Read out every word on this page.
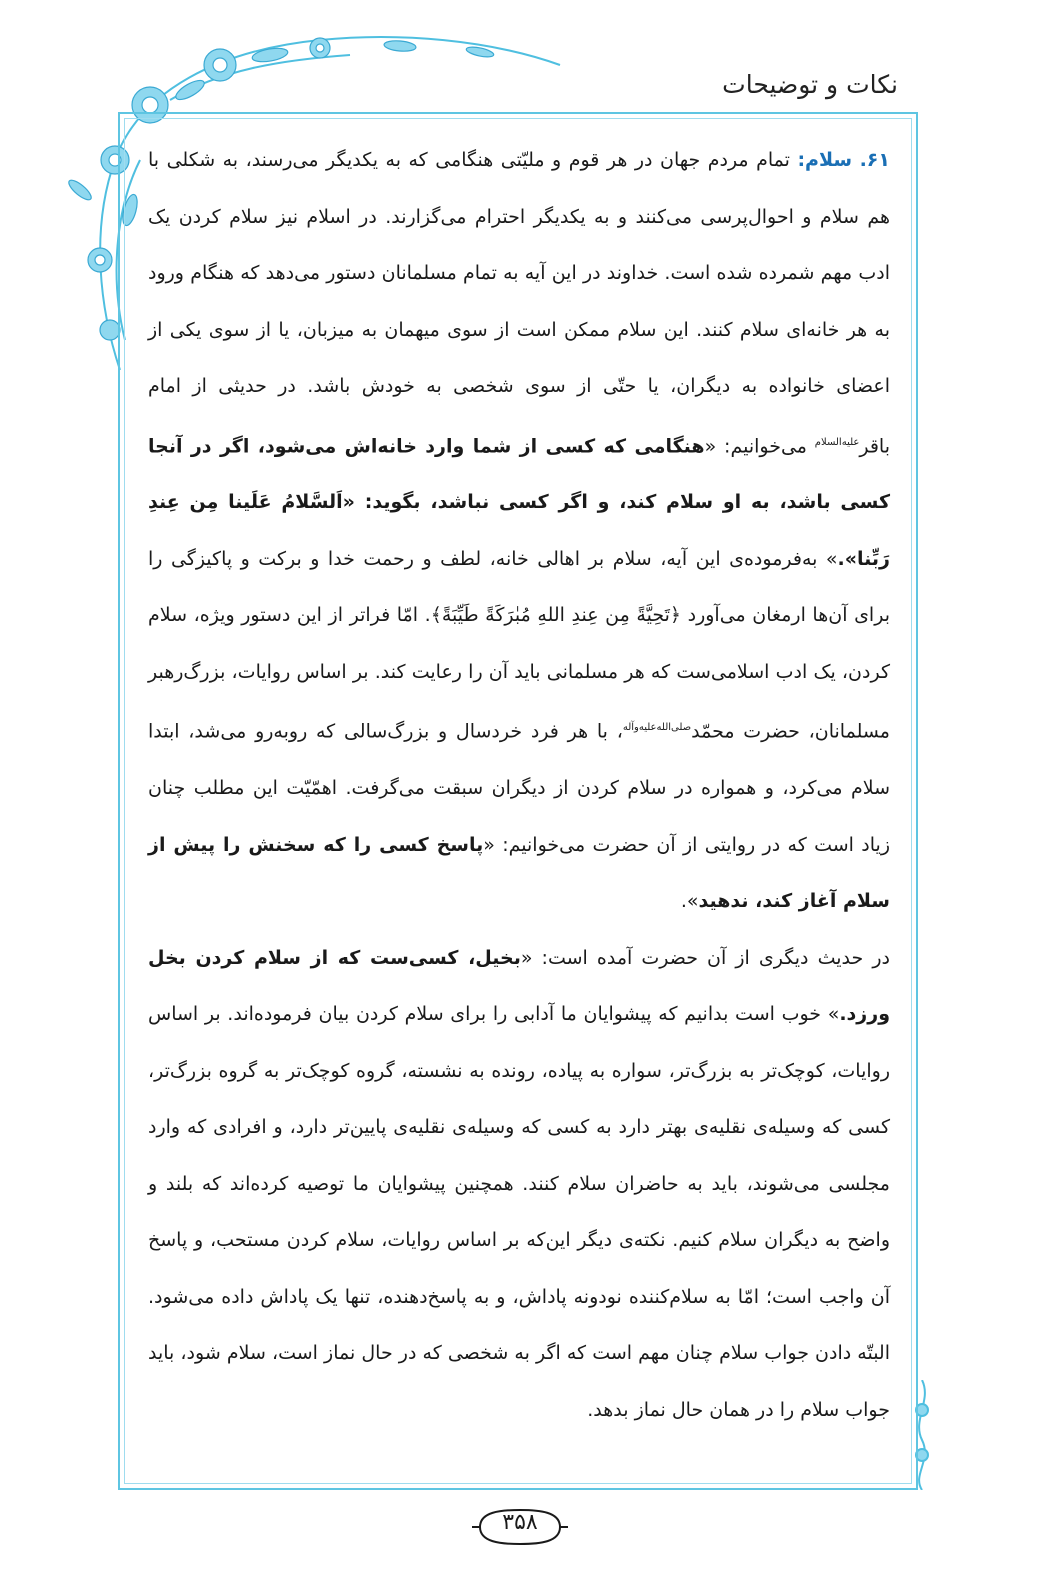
نکات و توضیحات

۶۱. سلام: تمام مردم جهان در هر قوم و ملیّتی هنگامی که به یکدیگر می‌رسند، به شکلی با هم سلام و احوال‌پرسی می‌کنند و به یکدیگر احترام می‌گزارند. در اسلام نیز سلام کردن یک ادب مهم شمرده شده است. خداوند در این آیه به تمام مسلمانان دستور می‌دهد که هنگام ورود به هر خانه‌ای سلام کنند. این سلام ممکن است از سوی میهمان به میزبان، یا از سوی یکی از اعضای خانواده به دیگران، یا حتّی از سوی شخصی به خودش باشد. در حدیثی از امام باقر$^{علیه‌السلام}$ می‌خوانیم: «هنگامی که کسی از شما وارد خانه‌اش می‌شود، اگر در آنجا کسی باشد، به او سلام کند، و اگر کسی نباشد، بگوید: «اَلسَّلامُ عَلَینا مِن عِندِ رَبِّنا».» به‌فرموده‌ی این آیه، سلام بر اهالی خانه، لطف و رحمت خدا و برکت و پاکیزگی را برای آن‌ها ارمغان می‌آورد ﴿تَحِیَّةً مِن عِندِ اللهِ مُبٰرَکَةً طَیِّبَةً﴾. امّا فراتر از این دستور ویژه، سلام کردن، یک ادب اسلامی‌ست که هر مسلمانی باید آن را رعایت کند. بر اساس روایات، بزرگ‌رهبر مسلمانان، حضرت محمّد$^{صلی‌الله‌علیه‌وآله}$، با هر فرد خردسال و بزرگ‌سالی که روبه‌رو می‌شد، ابتدا سلام می‌کرد، و همواره در سلام کردن از دیگران سبقت می‌گرفت. اهمّیّت این مطلب چنان زیاد است که در روایتی از آن حضرت می‌خوانیم: «پاسخ کسی را که سخنش را پیش از سلام آغاز کند، ندهید».

در حدیث دیگری از آن حضرت آمده است: «بخیل، کسی‌ست که از سلام کردن بخل ورزد.» خوب است بدانیم که پیشوایان ما آدابی را برای سلام کردن بیان فرموده‌اند. بر اساس روایات، کوچک‌تر به بزرگ‌تر، سواره به پیاده، رونده به نشسته، گروه کوچک‌تر به گروه بزرگ‌تر، کسی که وسیله‌ی نقلیه‌ی بهتر دارد به کسی که وسیله‌ی نقلیه‌ی پایین‌تر دارد، و افرادی که وارد مجلسی می‌شوند، باید به حاضران سلام کنند. همچنین پیشوایان ما توصیه کرده‌اند که بلند و واضح به دیگران سلام کنیم. نکته‌ی دیگر این‌که بر اساس روایات، سلام کردن مستحب، و پاسخ آن واجب است؛ امّا به سلام‌کننده نودونه پاداش، و به پاسخ‌دهنده، تنها یک پاداش داده می‌شود. البتّه دادن جواب سلام چنان مهم است که اگر به شخصی که در حال نماز است، سلام شود، باید جواب سلام را در همان حال نماز بدهد.

۳۵۸
